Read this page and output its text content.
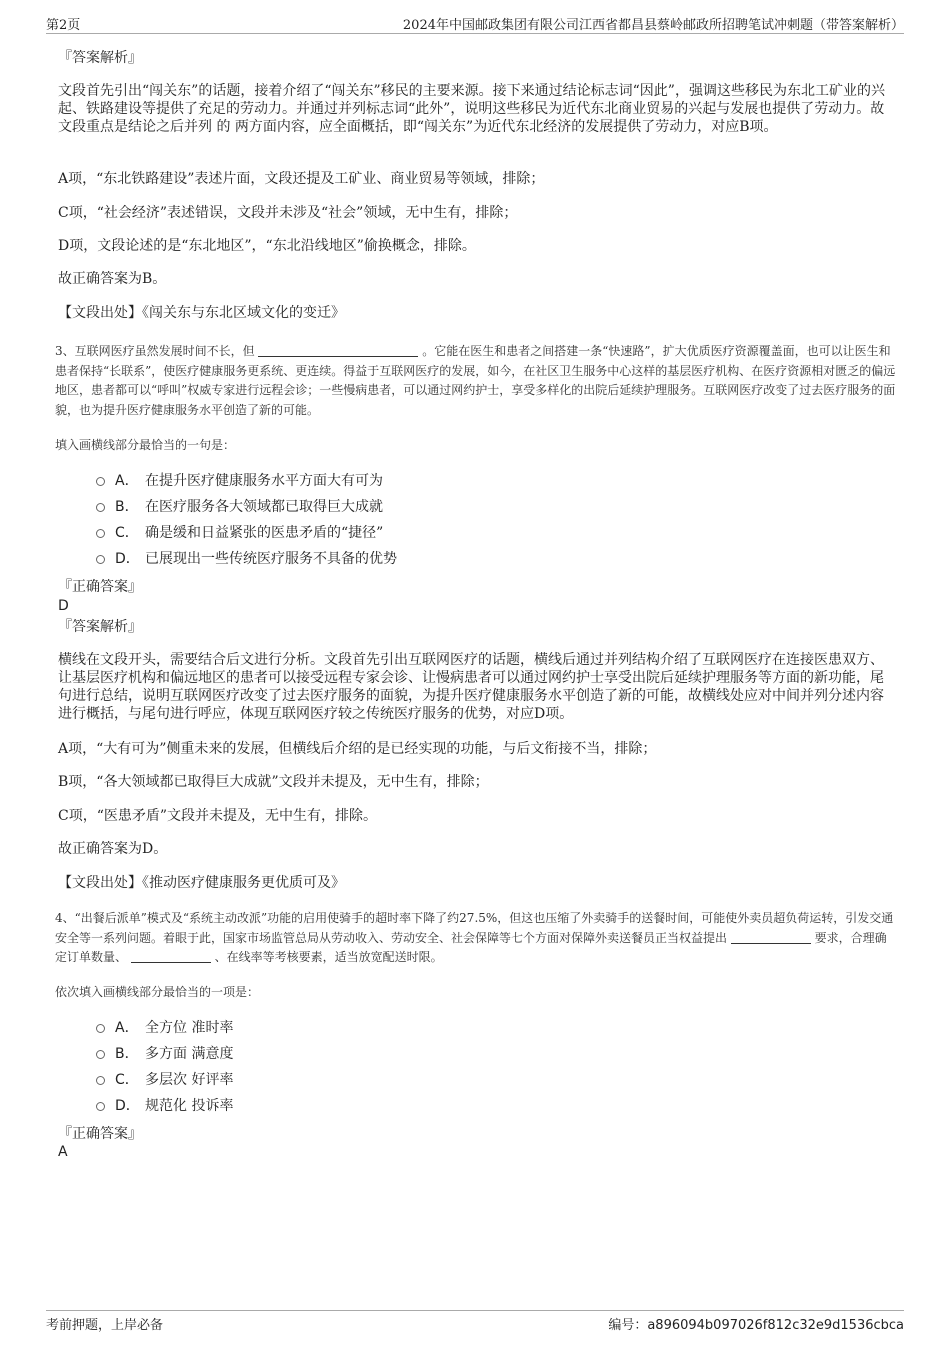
第2页	2024年中国邮政集团有限公司江西省都昌县蔡岭邮政所招聘笔试冲刺题（带答案解析）
『答案解析』
文段首先引出“闯关东”的话题，接着介绍了“闯关东”移民的主要来源。接下来通过结论标志词“因此”，强调这些移民为东北工矿业的兴起、铁路建设等提供了充足的劳动力。并通过并列标志词“此外”，说明这些移民为近代东北商业贸易的兴起与发展也提供了劳动力。故文段重点是结论之后并列 的 两方面内容，应全面概括，即“闯关东”为近代东北经济的发展提供了劳动力，对应B项。
A项，“东北铁路建设”表述片面，文段还提及工矿业、商业贸易等领域，排除；
C项，“社会经济”表述错误，文段并未涉及“社会”领域，无中生有，排除；
D项，文段论述的是“东北地区”，“东北沿线地区”偷换概念，排除。
故正确答案为B。
【文段出处】《闯关东与东北区域文化的变迁》
3、互联网医疗虽然发展时间不长，但	。它能在医生和患者之间搭建一条“快速路”，扩大优质医疗资源覆盖面，也可以让医生和患者保持“长联系”，使医疗健康服务更系统、更连续。得益于互联网医疗的发展，如今，在社区卫生服务中心这样的基层医疗机构、在医疗资源相对匮乏的偏远地区，患者都可以“呼叫”权威专家进行远程会诊；一些慢病患者，可以通过网约护士，享受多样化的出院后延续护理服务。互联网医疗改变了过去医疗服务的面貌，也为提升医疗健康服务水平创造了新的可能。
填入画横线部分最恰当的一句是：
A． 在提升医疗健康服务水平方面大有可为
B． 在医疗服务各大领域都已取得巨大成就
C． 确是缓和日益紧张的医患矛盾的“捷径”
D． 已展现出一些传统医疗服务不具备的优势
『正确答案』
D
『答案解析』
横线在文段开头，需要结合后文进行分析。文段首先引出互联网医疗的话题，横线后通过并列结构介绍了互联网医疗在连接医患双方、让基层医疗机构和偏远地区的患者可以接受远程专家会诊、让慢病患者可以通过网约护士享受出院后延续护理服务等方面的新功能，尾句进行总结，说明互联网医疗改变了过去医疗服务的面貌，为提升医疗健康服务水平创造了新的可能，故横线处应对中间并列分述内容进行概括，与尾句进行呼应，体现互联网医疗较之传统医疗服务的优势，对应D项。
A项，“大有可为”侧重未来的发展，但横线后介绍的是已经实现的功能，与后文衔接不当，排除；
B项，“各大领域都已取得巨大成就”文段并未提及，无中生有，排除；
C项，“医患矛盾”文段并未提及，无中生有，排除。
故正确答案为D。
【文段出处】《推动医疗健康服务更优质可及》
4、“出餐后派单”模式及“系统主动改派”功能的启用使骑手的超时率下降了约27.5%，但这也压缩了外卖骑手的送餐时间，可能使外卖员超负荷运转，引发交通安全等一系列问题。着眼于此，国家市场监管总局从劳动收入、劳动安全、社会保障等七个方面对保障外卖送餐员正当权益提出	要求，合理确定订单数量、	、在线率等考核要素，适当放宽配送时限。
依次填入画横线部分最恰当的一项是：
A． 全方位 准时率
B． 多方面 满意度
C． 多层次 好评率
D． 规范化 投诉率
『正确答案』
A
考前押题，上岸必备	编号：a896094b097026f812c32e9d1536cbca
